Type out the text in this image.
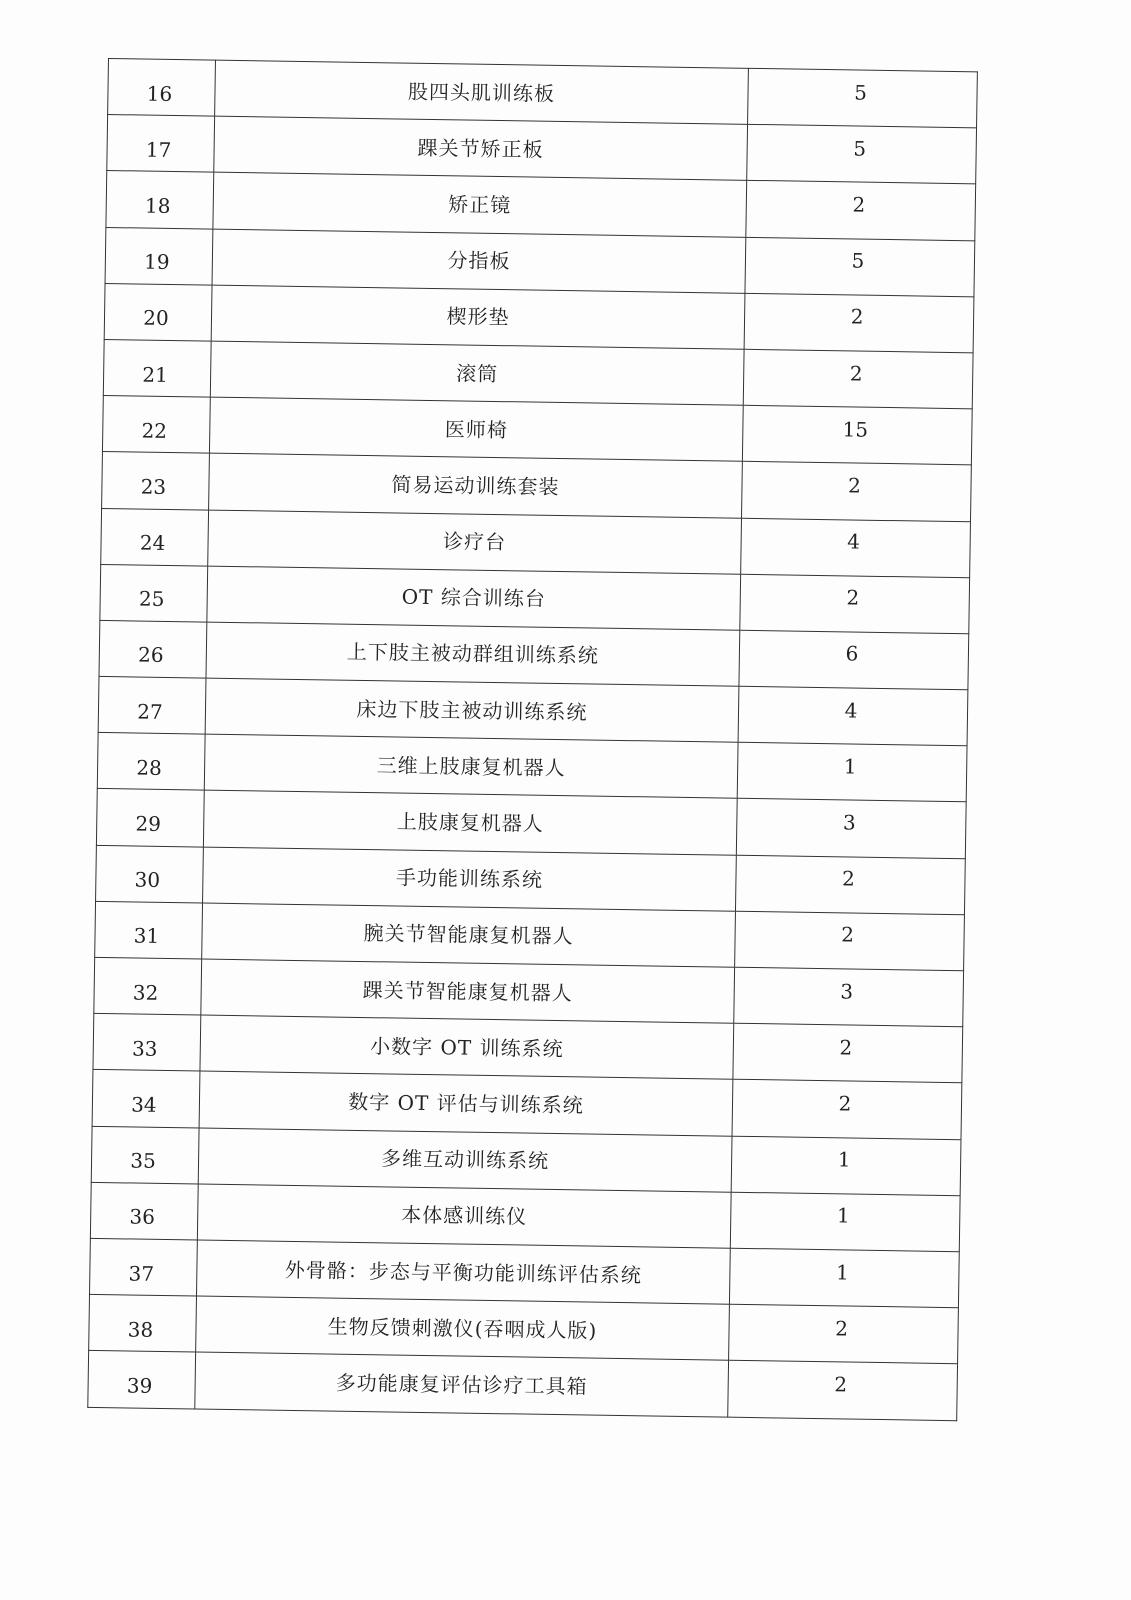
16	股四头肌训练板	5
17	踝关节矫正板	5
18	矫正镜	2
19	分指板	5
20	楔形垫	2
21	滚筒	2
22	医师椅	15
23	简易运动训练套装	2
24	诊疗台	4
25	OT 综合训练台	2
26	上下肢主被动群组训练系统	6
27	床边下肢主被动训练系统	4
28	三维上肢康复机器人	1
29	上肢康复机器人	3
30	手功能训练系统	2
31	腕关节智能康复机器人	2
32	踝关节智能康复机器人	3
33	小数字 OT 训练系统	2
34	数字 OT 评估与训练系统	2
35	多维互动训练系统	1
36	本体感训练仪	1
37	外骨骼：步态与平衡功能训练评估系统	1
38	生物反馈刺激仪(吞咽成人版)	2
39	多功能康复评估诊疗工具箱	2
